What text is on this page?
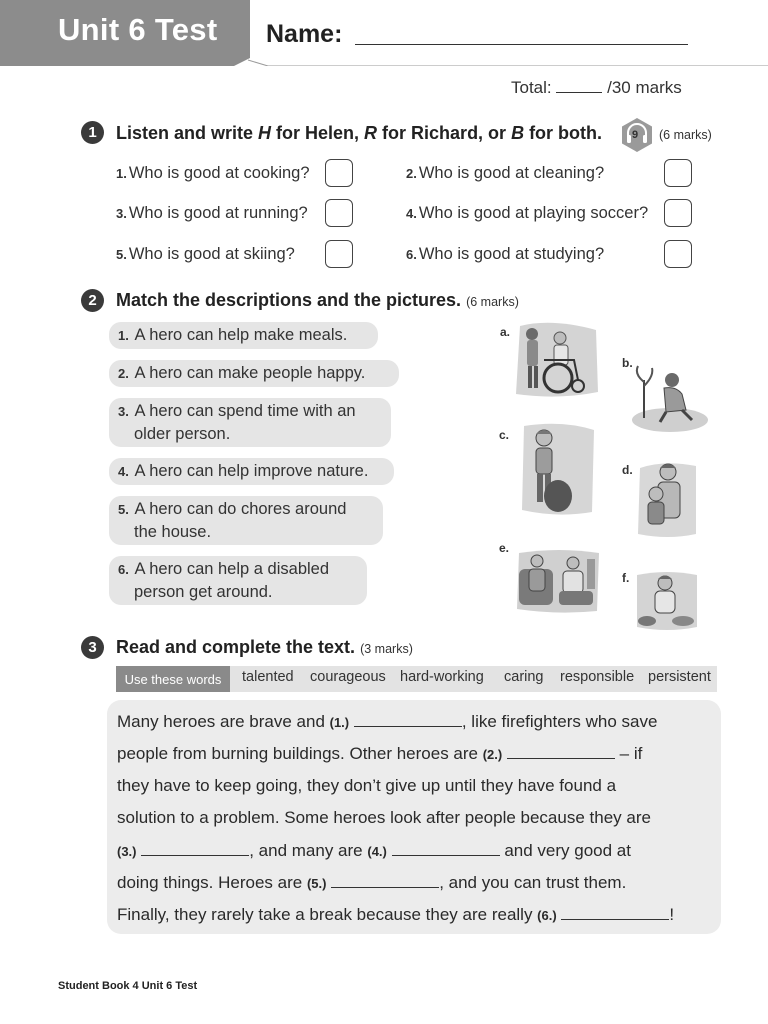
Unit 6 Test Name:
Total:	/30 marks
1	Listen and write H for Helen, R for Richard, or B for both.	9 (6 marks)
1. Who is good at cooking?	2. Who is good at cleaning?
3. Who is good at running?	4. Who is good at playing soccer?
5. Who is good at skiing?	6. Who is good at studying?
2	Match the descriptions and the pictures. (6 marks)
1. A hero can help make meals.
2. A hero can make people happy.
3. A hero can spend time with an
older person.
4. A hero can help improve nature.
5. A hero can do chores around
the house.
6. A hero can help a disabled
person get around.
a.
b.
c.
d.
e.
f.
3	Read and complete the text. (3 marks)
Use these words	talented courageous hard-working caring responsible persistent
Many heroes are brave and (1.)	, like firefighters who save
people from burning buildings. Other heroes are (2.)	– if
they have to keep going, they don’t give up until they have found a
solution to a problem. Some heroes look after people because they are
(3.)	, and many are (4.)	and very good at
doing things. Heroes are (5.)	, and you can trust them.
Finally, they rarely take a break because they are really (6.)	!
Student Book 4 Unit 6 Test
